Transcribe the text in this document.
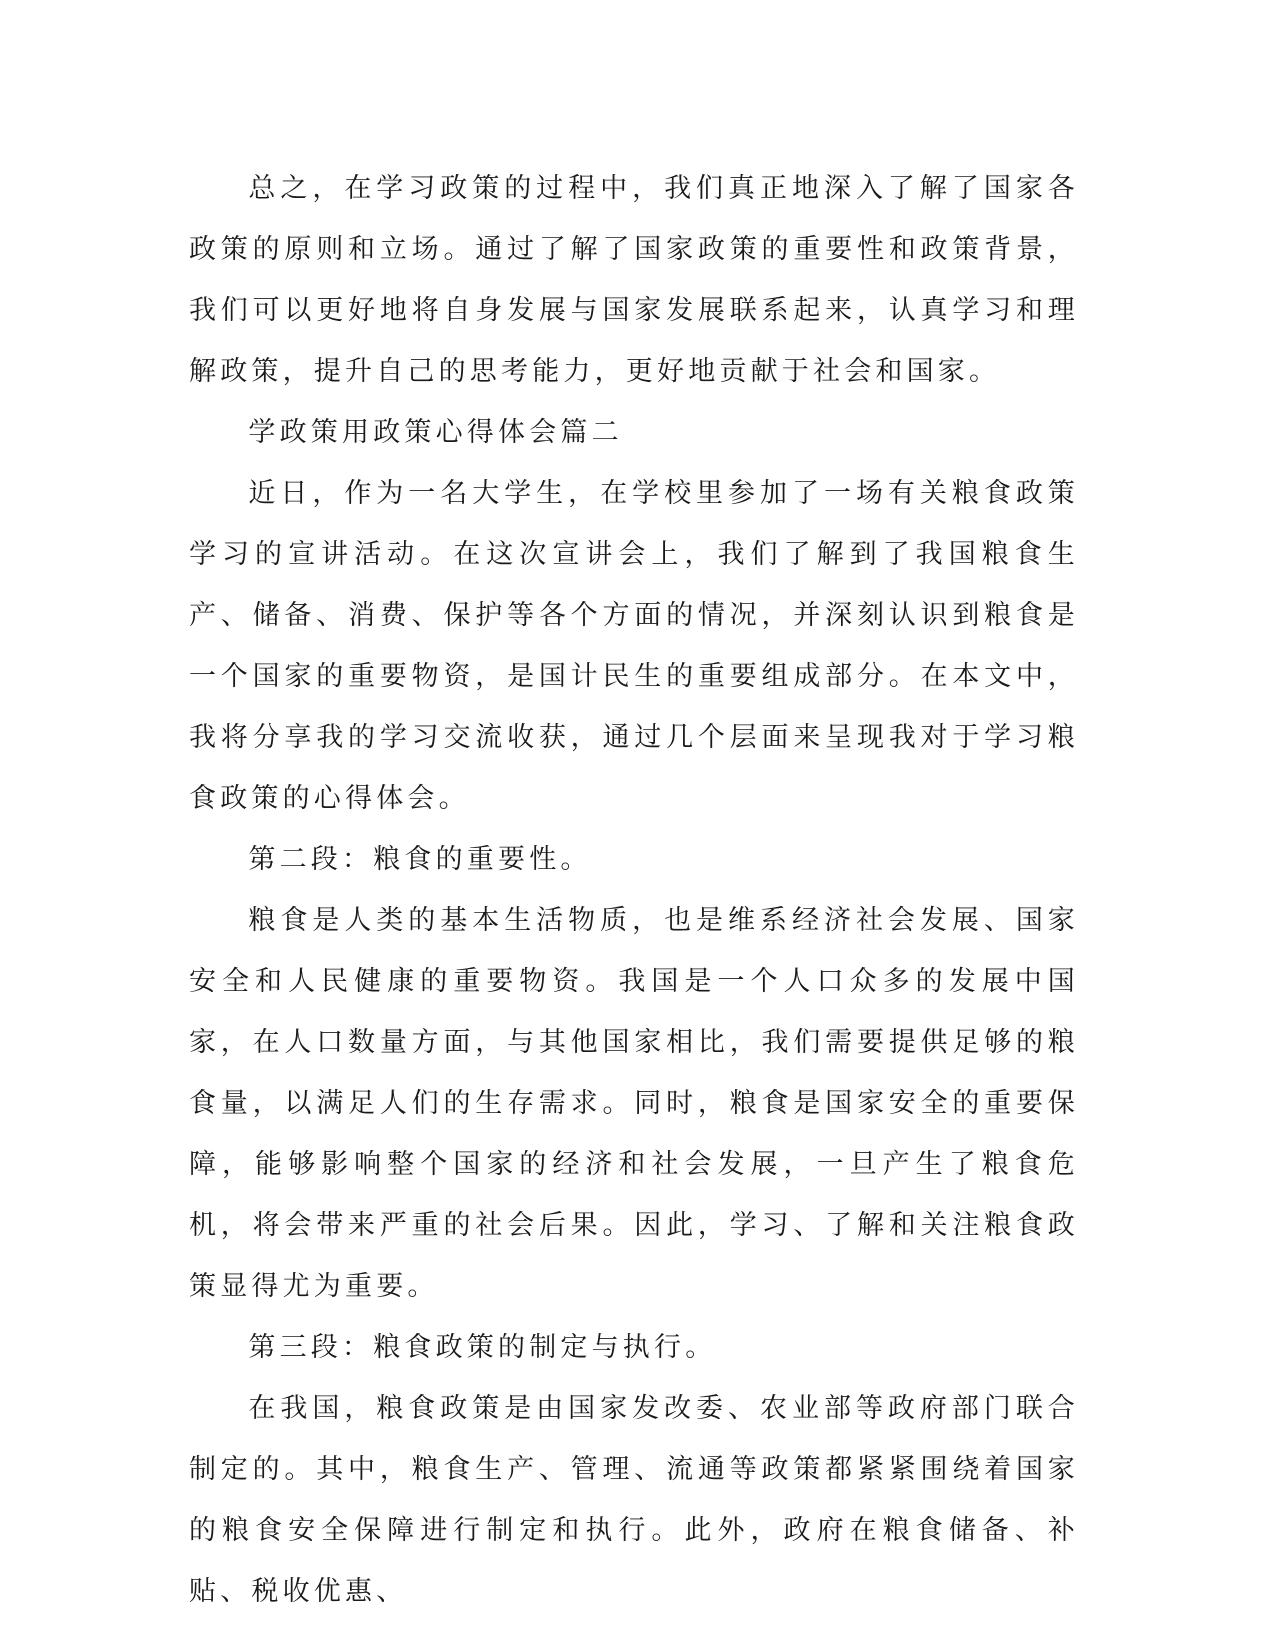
总之，在学习政策的过程中，我们真正地深入了解了国家各政策的原则和立场。通过了解了国家政策的重要性和政策背景，我们可以更好地将自身发展与国家发展联系起来，认真学习和理解政策，提升自己的思考能力，更好地贡献于社会和国家。

学政策用政策心得体会篇二

近日，作为一名大学生，在学校里参加了一场有关粮食政策学习的宣讲活动。在这次宣讲会上，我们了解到了我国粮食生产、储备、消费、保护等各个方面的情况，并深刻认识到粮食是一个国家的重要物资，是国计民生的重要组成部分。在本文中，我将分享我的学习交流收获，通过几个层面来呈现我对于学习粮食政策的心得体会。

第二段：粮食的重要性。

粮食是人类的基本生活物质，也是维系经济社会发展、国家安全和人民健康的重要物资。我国是一个人口众多的发展中国家，在人口数量方面，与其他国家相比，我们需要提供足够的粮食量，以满足人们的生存需求。同时，粮食是国家安全的重要保障，能够影响整个国家的经济和社会发展，一旦产生了粮食危机，将会带来严重的社会后果。因此，学习、了解和关注粮食政策显得尤为重要。

第三段：粮食政策的制定与执行。

在我国，粮食政策是由国家发改委、农业部等政府部门联合制定的。其中，粮食生产、管理、流通等政策都紧紧围绕着国家的粮食安全保障进行制定和执行。此外，政府在粮食储备、补贴、税收优惠、
